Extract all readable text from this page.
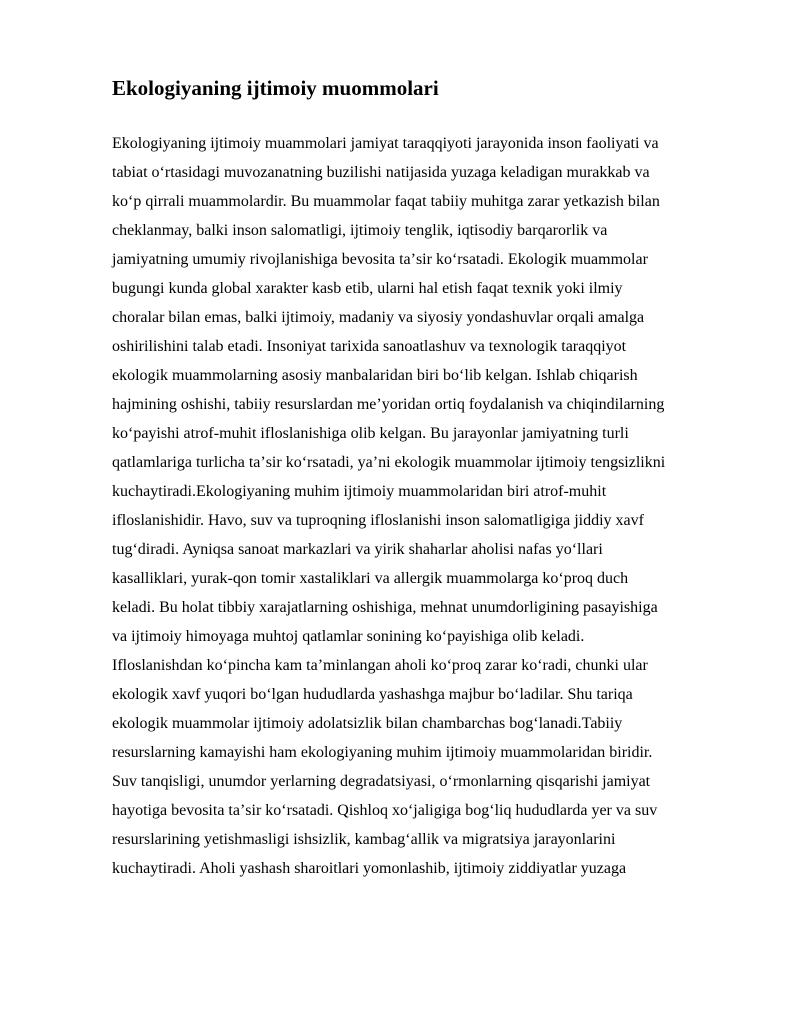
Ekologiyaning ijtimoiy muommolari
Ekologiyaning ijtimoiy muammolari jamiyat taraqqiyoti jarayonida inson faoliyati va
tabiat oʻrtasidagi muvozanatning buzilishi natijasida yuzaga keladigan murakkab va
koʻp qirrali muammolardir. Bu muammolar faqat tabiiy muhitga zarar yetkazish bilan
cheklanmay, balki inson salomatligi, ijtimoiy tenglik, iqtisodiy barqarorlik va
jamiyatning umumiy rivojlanishiga bevosita taʼsir koʻrsatadi. Ekologik muammolar
bugungi kunda global xarakter kasb etib, ularni hal etish faqat texnik yoki ilmiy
choralar bilan emas, balki ijtimoiy, madaniy va siyosiy yondashuvlar orqali amalga
oshirilishini talab etadi. Insoniyat tarixida sanoatlashuv va texnologik taraqqiyot
ekologik muammolarning asosiy manbalaridan biri boʻlib kelgan. Ishlab chiqarish
hajmining oshishi, tabiiy resurslardan meʼyoridan ortiq foydalanish va chiqindilarning
koʻpayishi atrof-muhit ifloslanishiga olib kelgan. Bu jarayonlar jamiyatning turli
qatlamlariga turlicha taʼsir koʻrsatadi, yaʼni ekologik muammolar ijtimoiy tengsizlikni
kuchaytiradi.Ekologiyaning muhim ijtimoiy muammolaridan biri atrof-muhit
ifloslanishidir. Havo, suv va tuproqning ifloslanishi inson salomatligiga jiddiy xavf
tugʻdiradi. Ayniqsa sanoat markazlari va yirik shaharlar aholisi nafas yoʻllari
kasalliklari, yurak-qon tomir xastaliklari va allergik muammolarga koʻproq duch
keladi. Bu holat tibbiy xarajatlarning oshishiga, mehnat unumdorligining pasayishiga
va ijtimoiy himoyaga muhtoj qatlamlar sonining koʻpayishiga olib keladi.
Ifloslanishdan koʻpincha kam taʼminlangan aholi koʻproq zarar koʻradi, chunki ular
ekologik xavf yuqori boʻlgan hududlarda yashashga majbur boʻladilar. Shu tariqa
ekologik muammolar ijtimoiy adolatsizlik bilan chambarchas bogʻlanadi.Tabiiy
resurslarning kamayishi ham ekologiyaning muhim ijtimoiy muammolaridan biridir.
Suv tanqisligi, unumdor yerlarning degradatsiyasi, oʻrmonlarning qisqarishi jamiyat
hayotiga bevosita taʼsir koʻrsatadi. Qishloq xoʻjaligiga bogʻliq hududlarda yer va suv
resurslarining yetishmasligi ishsizlik, kambagʻallik va migratsiya jarayonlarini
kuchaytiradi. Aholi yashash sharoitlari yomonlashib, ijtimoiy ziddiyatlar yuzaga
